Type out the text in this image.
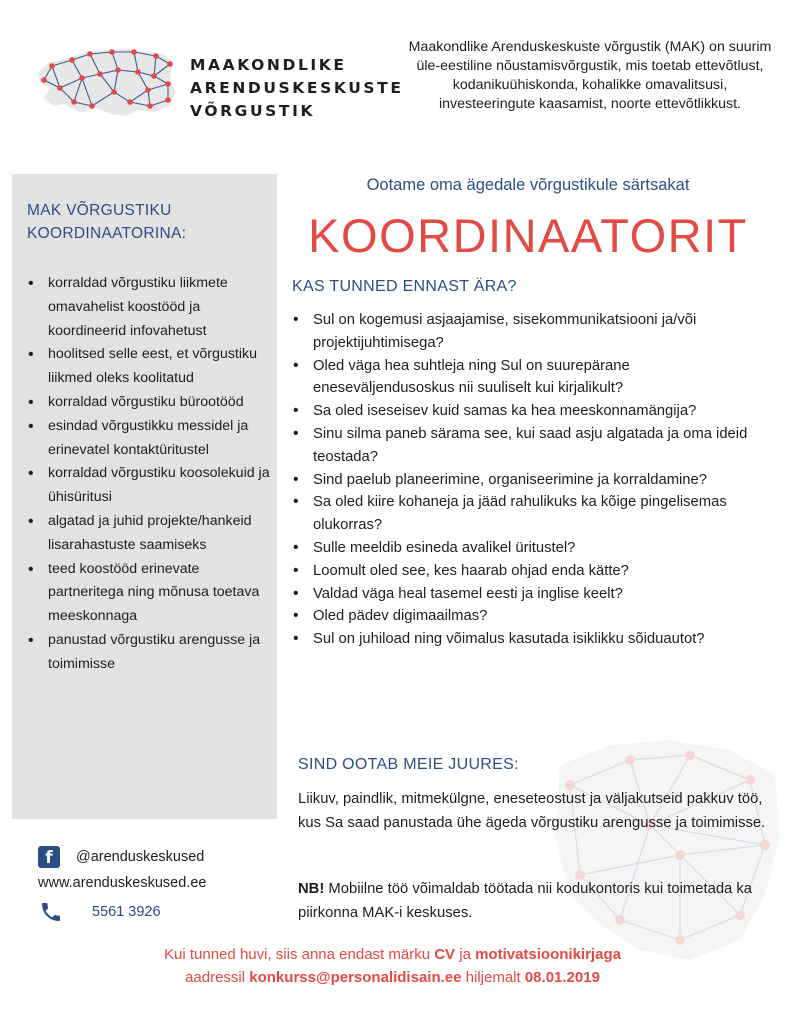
MAAKONDLIKE
ARENDUSKESKUSTE
VÕRGUSTIK
Maakondlike Arenduskeskuste võrgustik (MAK) on suurim üle-eestiline nõustamisvõrgustik, mis toetab ettevõtlust, kodanikuühiskonda, kohalikke omavalitsusi, investeeringute kaasamist, noorte ettevõtlikkust.
MAK VÕRGUSTIKU
KOORDINAATORINA:
• korraldad võrgustiku liikmete omavahelist koostööd ja koordineerid infovahetust
• hoolitsed selle eest, et võrgustiku liikmed oleks koolitatud
• korraldad võrgustiku bürootööd
• esindad võrgustikku messidel ja erinevatel kontaktüritustel
• korraldad võrgustiku koosolekuid ja ühisüritusi
• algatad ja juhid projekte/hankeid lisarahastuste saamiseks
• teed koostööd erinevate partneritega ning mõnusa toetava meeskonnaga
• panustad võrgustiku arengusse ja toimimisse
Ootame oma ägedale võrgustikule särtsakat
KOORDINAATORIT
KAS TUNNED ENNAST ÄRA?
• Sul on kogemusi asjaajamise, sisekommunikatsiooni ja/või projektijuhtimisega?
• Oled väga hea suhtleja ning Sul on suurepärane eneseväljendusoskus nii suuliselt kui kirjalikult?
• Sa oled iseseisev kuid samas ka hea meeskonnamängija?
• Sinu silma paneb särama see, kui saad asju algatada ja oma ideid teostada?
• Sind paelub planeerimine, organiseerimine ja korraldamine?
• Sa oled kiire kohaneja ja jääd rahulikuks ka kõige pingelisemas olukorras?
• Sulle meeldib esineda avalikel üritustel?
• Loomult oled see, kes haarab ohjad enda kätte?
• Valdad väga heal tasemel eesti ja inglise keelt?
• Oled pädev digimaailmas?
• Sul on juhiload ning võimalus kasutada isiklikku sõiduautot?
SIND OOTAB MEIE JUURES:
Liikuv, paindlik, mitmekülgne, eneseteostust ja väljakutseid pakkuv töö, kus Sa saad panustada ühe ägeda võrgustiku arengusse ja toimimisse.
NB! Mobiilne töö võimaldab töötada nii kodukontoris kui toimetada ka piirkonna MAK-i keskuses.
f	@arenduskeskused
www.arenduskeskused.ee
5561 3926
Kui tunned huvi, siis anna endast märku CV ja motivatsioonikirjaga
aadressil konkurss@personalidisain.ee hiljemalt 08.01.2019
